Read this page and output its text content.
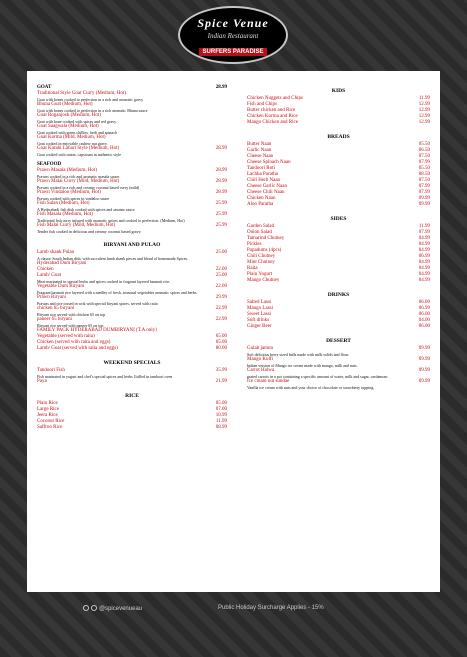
Spice Venue
Indian Restaurant
SURFERS PARADISE
GOAT	28.99
Traditional Style Goat Curry (Medium, Hot)
Goat with bones cooked to perfection in a rich and aromatic gravy
Bhuna Goat (Medium, Hot)
Goat with bones cooked to perfection in a rich aromatic Bhuna sauce
Goat Roganjosh (Medium, Hot)
Goat with bone cooked with spices and red gravy.
Goat Saagwala (Medium, Hot)
Goat cooked with green chillies, herb and spinach
Goat Korma (Mild, Medium, Hot)
Goat cooked in enjoyable cashew nut gravy.
Goat Karahi Lahori Style (Medium, Hot)	28.99
Goat cooked with onion, capsicum in authentic style
SEAFOOD
Prawn Masala (Medium, Hot)	28.99
Prawns cooked in a rich and aromatic masala sauce.
Prawn Malai Curry (Mild, Medium, Hot)	28.99
Prawns cooked in a rich and creamy coconut based curry (mild)
Prawn Vindaloo (Medium, Hot)	28.99
Prawns cooked with spices in vindaloo sauce
Fish Salan (Medium, Hot)	25.99
A Hyderabadi fish dish cooked with spices and sesame sauce
Fish Masala (Medium, Hot)	25.99
Traditional fish curry infused with aromatic spices and cooked to perfection. (Medium, Hot)
Fish Malai Curry (Mild, Medium, Hot)	25.99
Tender fish cooked in delicious and creamy coconut based gravy.
BIRYANI AND PULAO
Lamb shank Pulao	25.00
A classic South Indian dish, with succulent lamb shank pieces and blend of homemade Spices.
Hyderabad Dum Biryani
Chicken	22.00
Lamb/ Goat	25.00
Meat marinated in special herbs and spices cooked in fragrant layered basmati rice.
Vegetable Dum Biryani	22.00
Fragrant basmati rice layered with a medley of fresh, seasonal vegetables aromatic spices and herbs.
Prawn Biryani	29.99
Prawns and rice tossed in wok with special biryani spices, served with raita
chicken 65 biryani	22.99
Biryani rice served with chicken 65 on top
paneer 65 biryani	22.99
Biryani rice served with paneer 65 on top
FAMILY PACK HYDERABAD DUMBIRYANI (T.A only)
Vegetable (served with raita)	65.00
Chicken (served with raita and eggs)	65.00
Lamb/ Goat (served with raita and eggs)	80.00
WEEKEND SPECIALS
Tandoori Fish	35.99
Fish marinated in yogurt and chef's special spices and herbs Grilled in tandoori oven
Paya	21.99
RICE
Plain Rice	05.00
Large Rice	07.00
Jeera Rice	10.99
Coconut Rice	11.99
Saffron Rice	08.99
KIDS
Chicken Nuggets and Chips	11.99
Fish and Chips	12.99
Butter chicken and Rice	12.99
Chicken Korma and Rice	12.99
Mango Chicken and Rice	12.99
BREADS
Butter Naan	05.50
Garlic Naan	06.50
Cheese Naan	07.50
Cheese Spinach Naan	07.99
Tandoori Roti	05.50
Lachha Paratha	08.50
Chili Herb Naan	07.50
Cheese Garlic Naan	07.99
Cheese Chili Naan	07.99
Chicken Naan	09.99
Aloo Paratha	09.99
SIDES
Garden Salad	11.99
Onion Salad	07.99
Tamarind Chutney	04.99
Pickles	04.99
Papadums (4pcs)	04.99
Chili Chutney	06.99
Mint Chutney	04.99
Raita	04.99
Plain Yogurt	04.99
Mango Chutney	04.99
DRINKS
Salted Lassi	06.00
Mango Lassi	06.99
Sweet Lassi	06.00
Soft drinks	04.00
Ginger Beer	06.00
DESSERT
Gulab jamun	09.99
Soft delicious berry sized balls made with milk solids and flour.
Mango Kulfi	09.99
Indian version of Mango ice cream made with mango, milk and nuts.
Carrot Halwa	09.99
grated carrots in a pot containing a specific amount of water, milk and sugar, cardamom
Ice cream nut sundae	09.99
Vanilla ice cream with nuts and your choice of chocolate or strawberry topping.
@spicevenueau	Public Holiday Surcharge Applies - 15%
